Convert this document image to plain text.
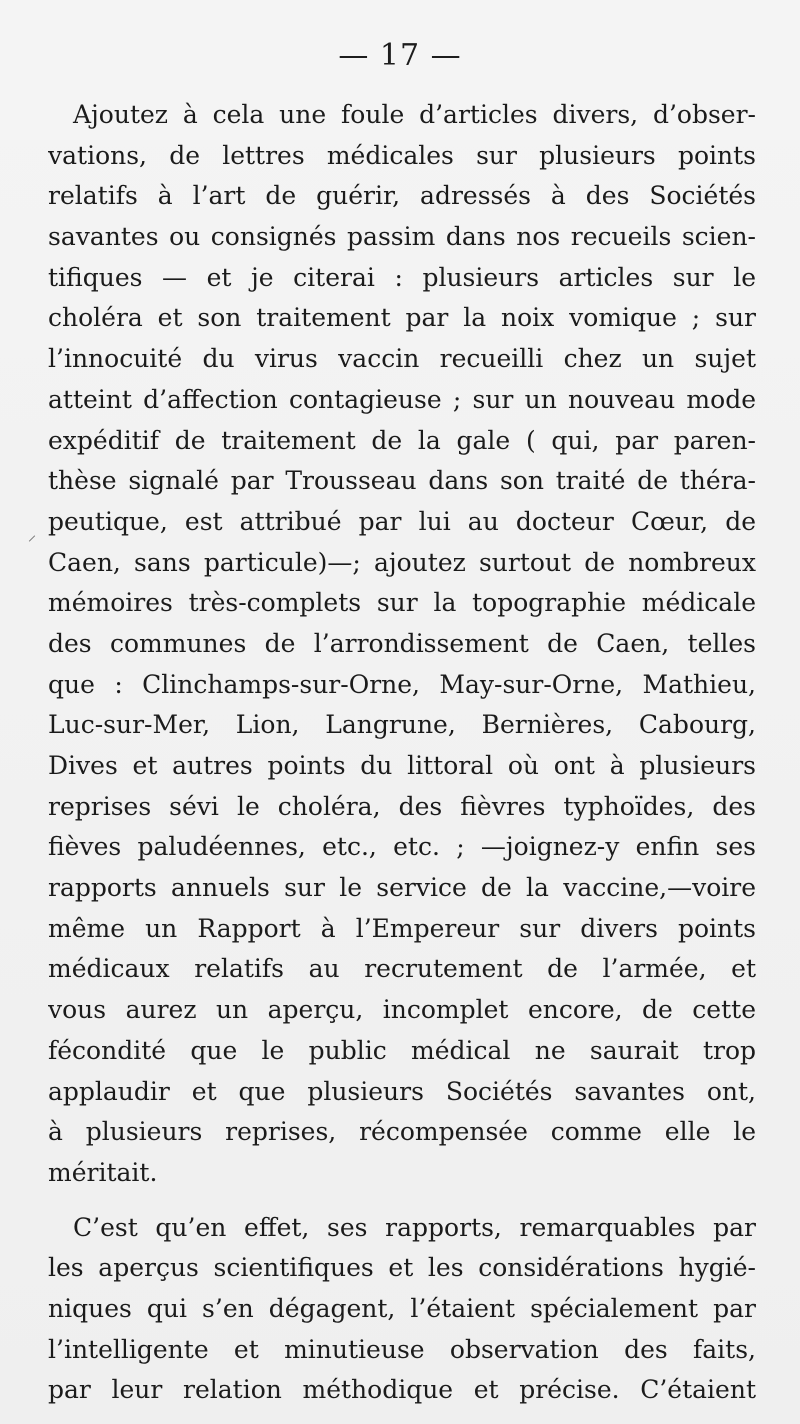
— 17 —
Ajoutez à cela une foule d’articles divers, d’obser-
vations, de lettres médicales sur plusieurs points
relatifs à l’art de guérir, adressés à des Sociétés
savantes ou consignés passim dans nos recueils scien-
tifiques — et je citerai : plusieurs articles sur le
choléra et son traitement par la noix vomique ; sur
l’innocuité du virus vaccin recueilli chez un sujet
atteint d’affection contagieuse ; sur un nouveau mode
expéditif de traitement de la gale ( qui, par paren-
thèse signalé par Trousseau dans son traité de théra-
peutique, est attribué par lui au docteur Cœur, de
Caen, sans particule)—; ajoutez surtout de nombreux
mémoires très-complets sur la topographie médicale
des communes de l’arrondissement de Caen, telles
que : Clinchamps-sur-Orne, May-sur-Orne, Mathieu,
Luc-sur-Mer, Lion, Langrune, Bernières, Cabourg,
Dives et autres points du littoral où ont à plusieurs
reprises sévi le choléra, des fièvres typhoïdes, des
fièves paludéennes, etc., etc. ; —joignez-y enfin ses
rapports annuels sur le service de la vaccine,—voire
même un Rapport à l’Empereur sur divers points
médicaux relatifs au recrutement de l’armée, et
vous aurez un aperçu, incomplet encore, de cette
fécondité que le public médical ne saurait trop
applaudir et que plusieurs Sociétés savantes ont,
à plusieurs reprises, récompensée comme elle le
méritait.
C’est qu’en effet, ses rapports, remarquables par
les aperçus scientifiques et les considérations hygié-
niques qui s’en dégagent, l’étaient spécialement par
l’intelligente et minutieuse observation des faits,
par leur relation méthodique et précise. C’étaient
